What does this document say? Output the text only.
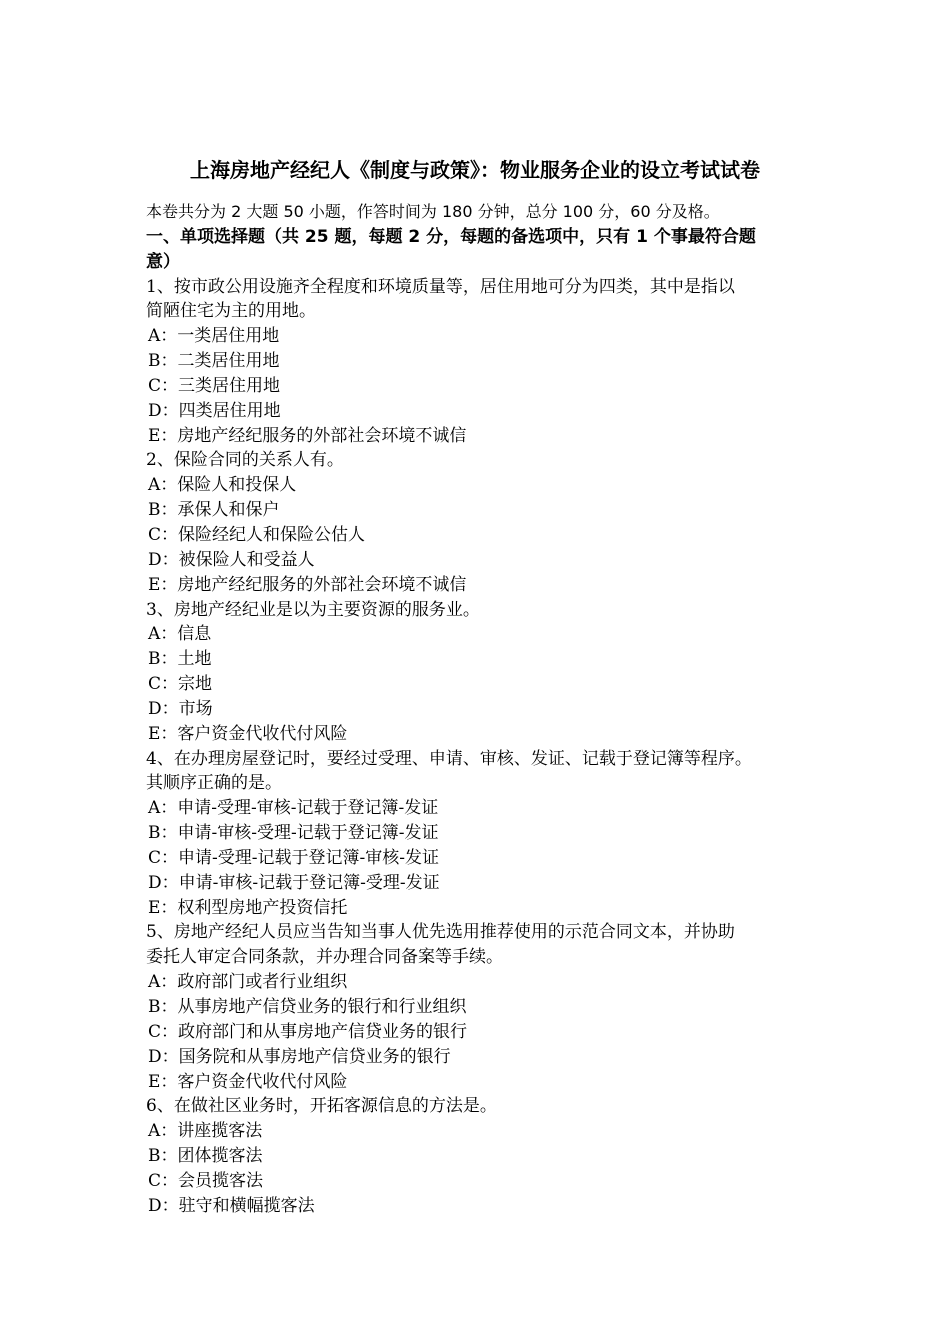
上海房地产经纪人《制度与政策》：物业服务企业的设立考试试卷
本卷共分为 2 大题 50 小题，作答时间为 180 分钟，总分 100 分，60 分及格。
一、单项选择题（共 25 题，每题 2 分，每题的备选项中，只有 1 个事最符合题
意）
1、按市政公用设施齐全程度和环境质量等，居住用地可分为四类，其中是指以
简陋住宅为主的用地。
A：一类居住用地
B：二类居住用地
C：三类居住用地
D：四类居住用地
E：房地产经纪服务的外部社会环境不诚信
2、保险合同的关系人有。
A：保险人和投保人
B：承保人和保户
C：保险经纪人和保险公估人
D：被保险人和受益人
E：房地产经纪服务的外部社会环境不诚信
3、房地产经纪业是以为主要资源的服务业。
A：信息
B：土地
C：宗地
D：市场
E：客户资金代收代付风险
4、在办理房屋登记时，要经过受理、申请、审核、发证、记载于登记簿等程序。
其顺序正确的是。
A：申请-受理-审核-记载于登记簿-发证
B：申请-审核-受理-记载于登记簿-发证
C：申请-受理-记载于登记簿-审核-发证
D：申请-审核-记载于登记簿-受理-发证
E：权利型房地产投资信托
5、房地产经纪人员应当告知当事人优先选用推荐使用的示范合同文本，并协助
委托人审定合同条款，并办理合同备案等手续。
A：政府部门或者行业组织
B：从事房地产信贷业务的银行和行业组织
C：政府部门和从事房地产信贷业务的银行
D：国务院和从事房地产信贷业务的银行
E：客户资金代收代付风险
6、在做社区业务时，开拓客源信息的方法是。
A：讲座揽客法
B：团体揽客法
C：会员揽客法
D：驻守和横幅揽客法
